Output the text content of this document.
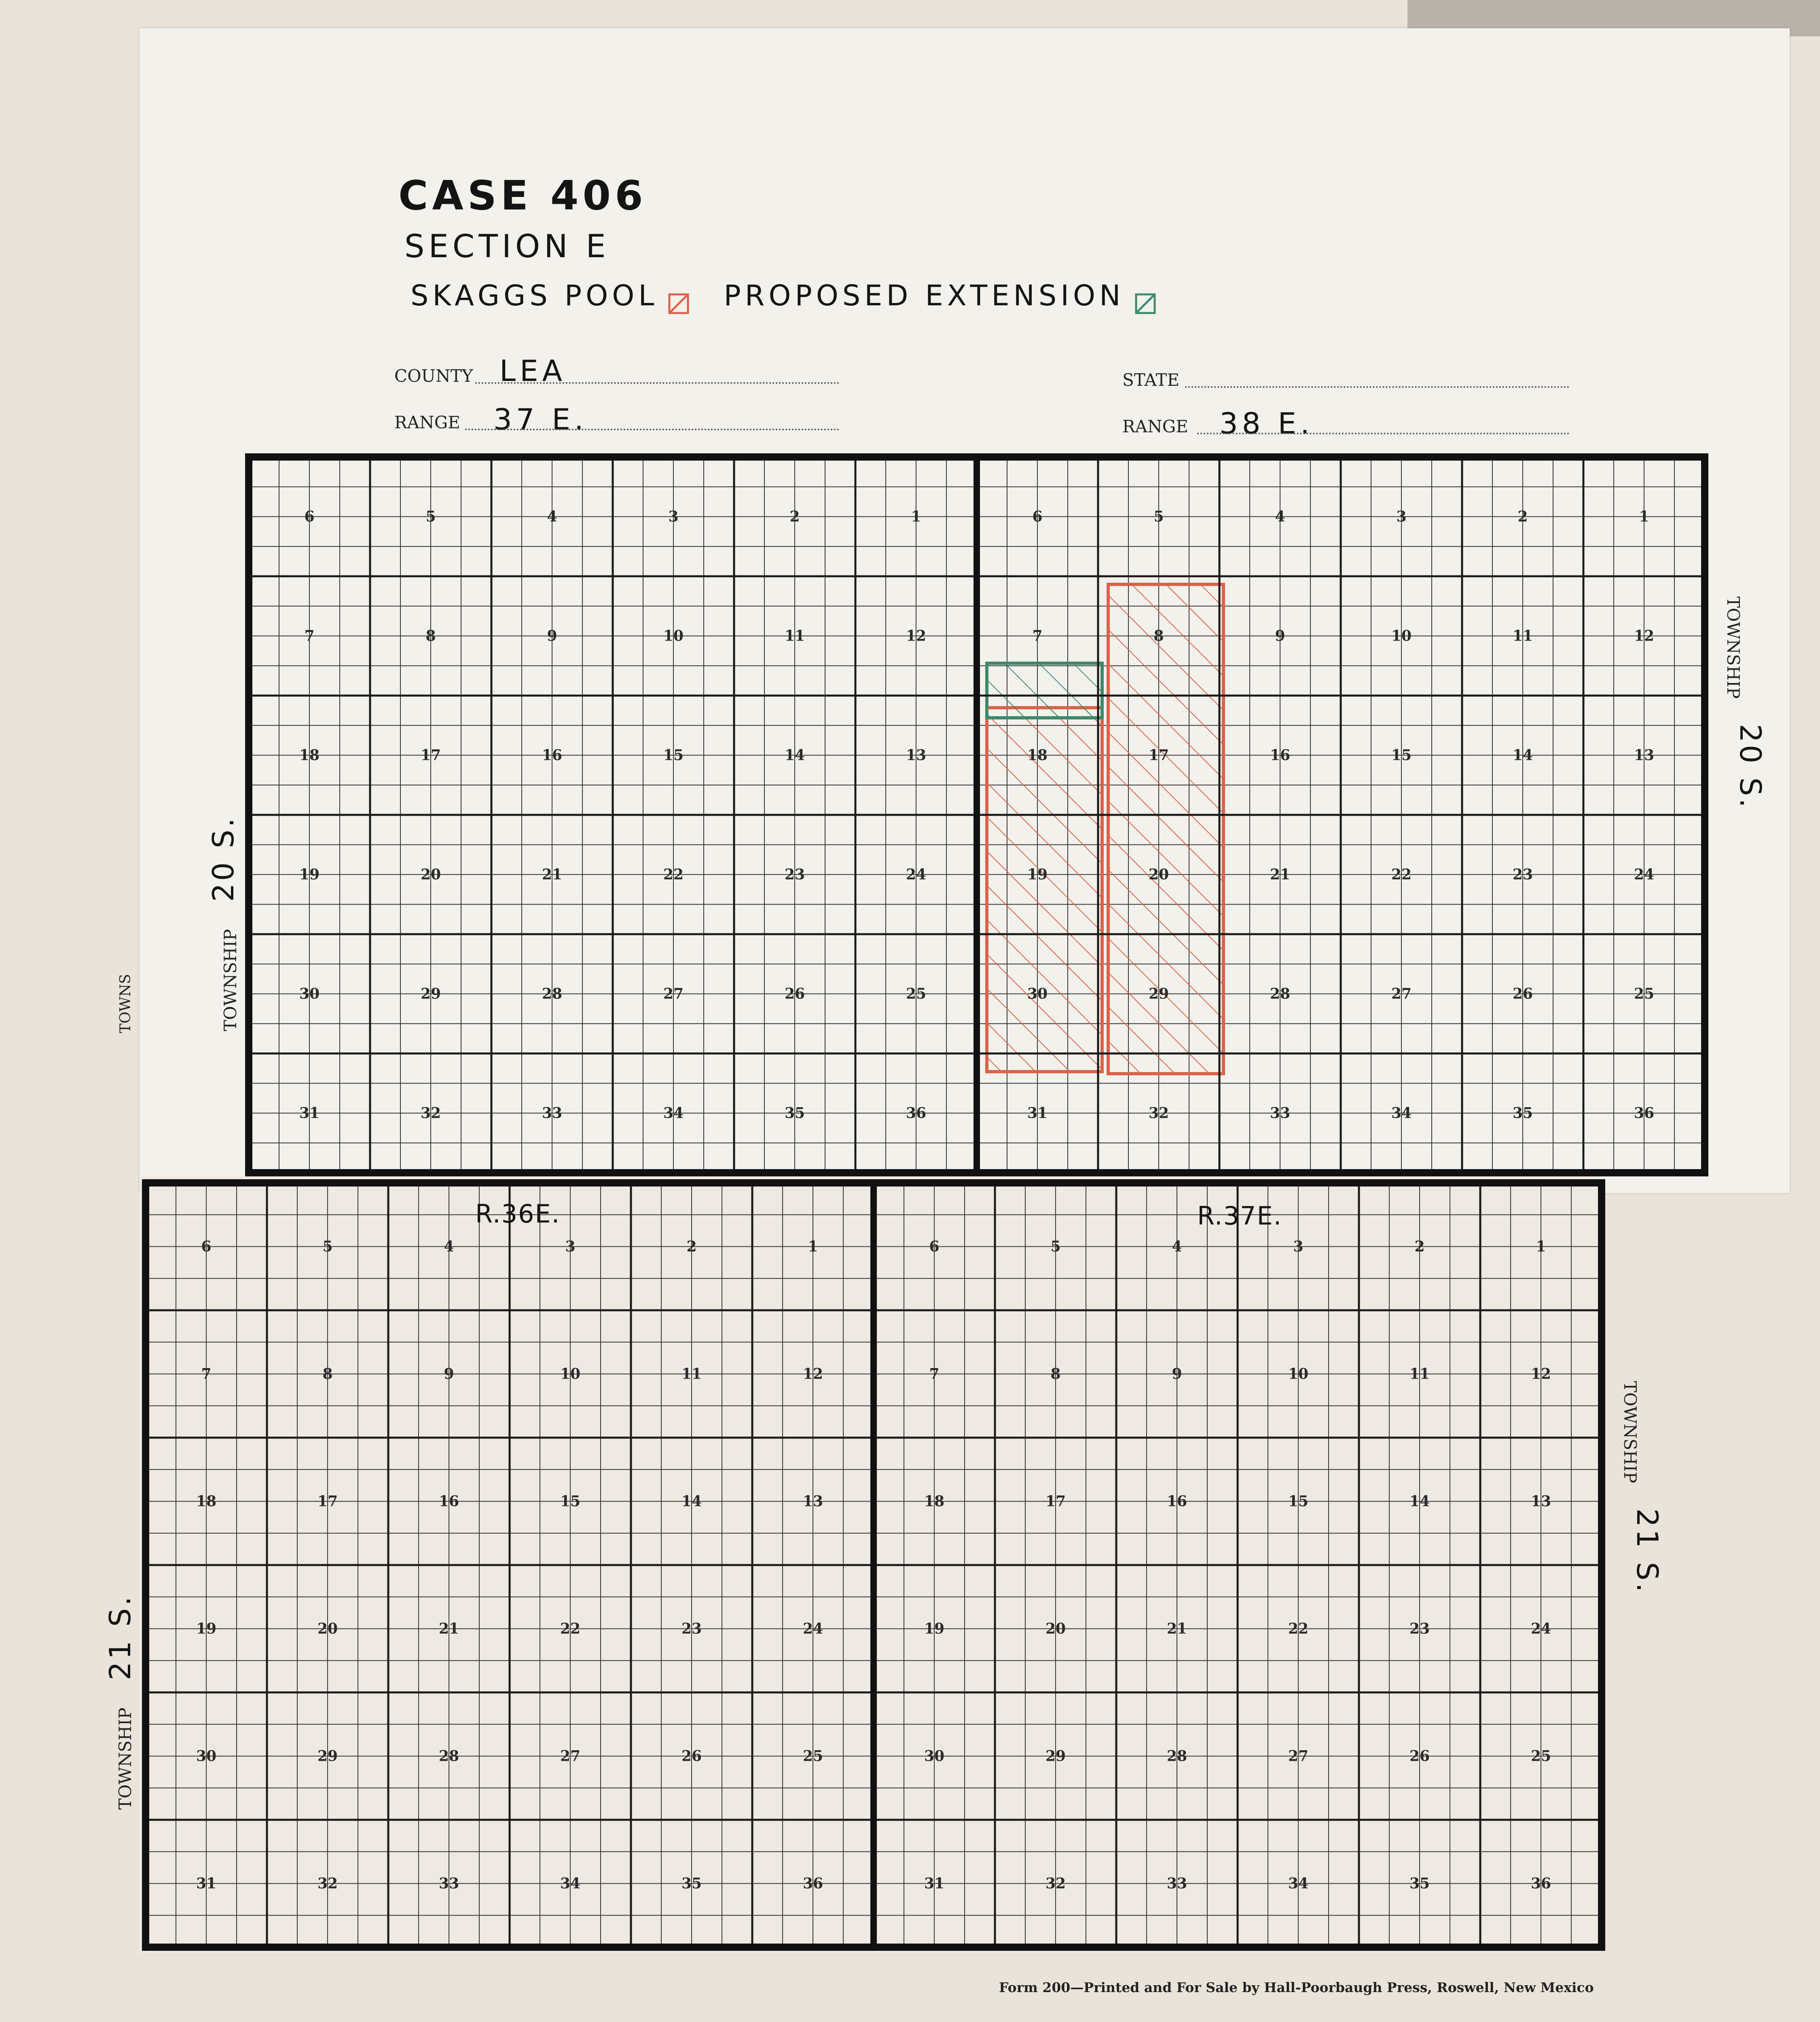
CASE 406
SECTION E
SKAGGS POOL PROPOSED EXTENSION
COUNTY LEA	STATE
RANGE 37 E.	RANGE 38 E.
6	5	4	3	2	1
7	8	9	10	11	12
18	17	16	15	14	13
19	20	21	22	23	24
30	29	28	27	26	25
31	32	33	34	35	36
6	5	4	3	2	1
7	8	9	10	11	12
18	17	16	15	14	13
19	20	21	22	23	24
30	29	28	27	26	25
31	32	33	34	35	36
TOWNSHIP
20 S.
TOWNS
TOWNSHIP
20 S.
6	5	4	3	2	1
7	8	9	10	11	12
18	17	16	15	14	13
19	20	21	22	23	24
30	29	28	27	26	25
31	32	33	34	35	36
6	5	4	3	2	1
7	8	9	10	11	12
18	17	16	15	14	13
19	20	21	22	23	24
30	29	28	27	26	25
31	32	33	34	35	36
R.36E.	R.37E.
TOWNSHIP
21 S.
TOWNSHIP
21 S.
Form 200—Printed and For Sale by Hall-Poorbaugh Press, Roswell, New Mexico
